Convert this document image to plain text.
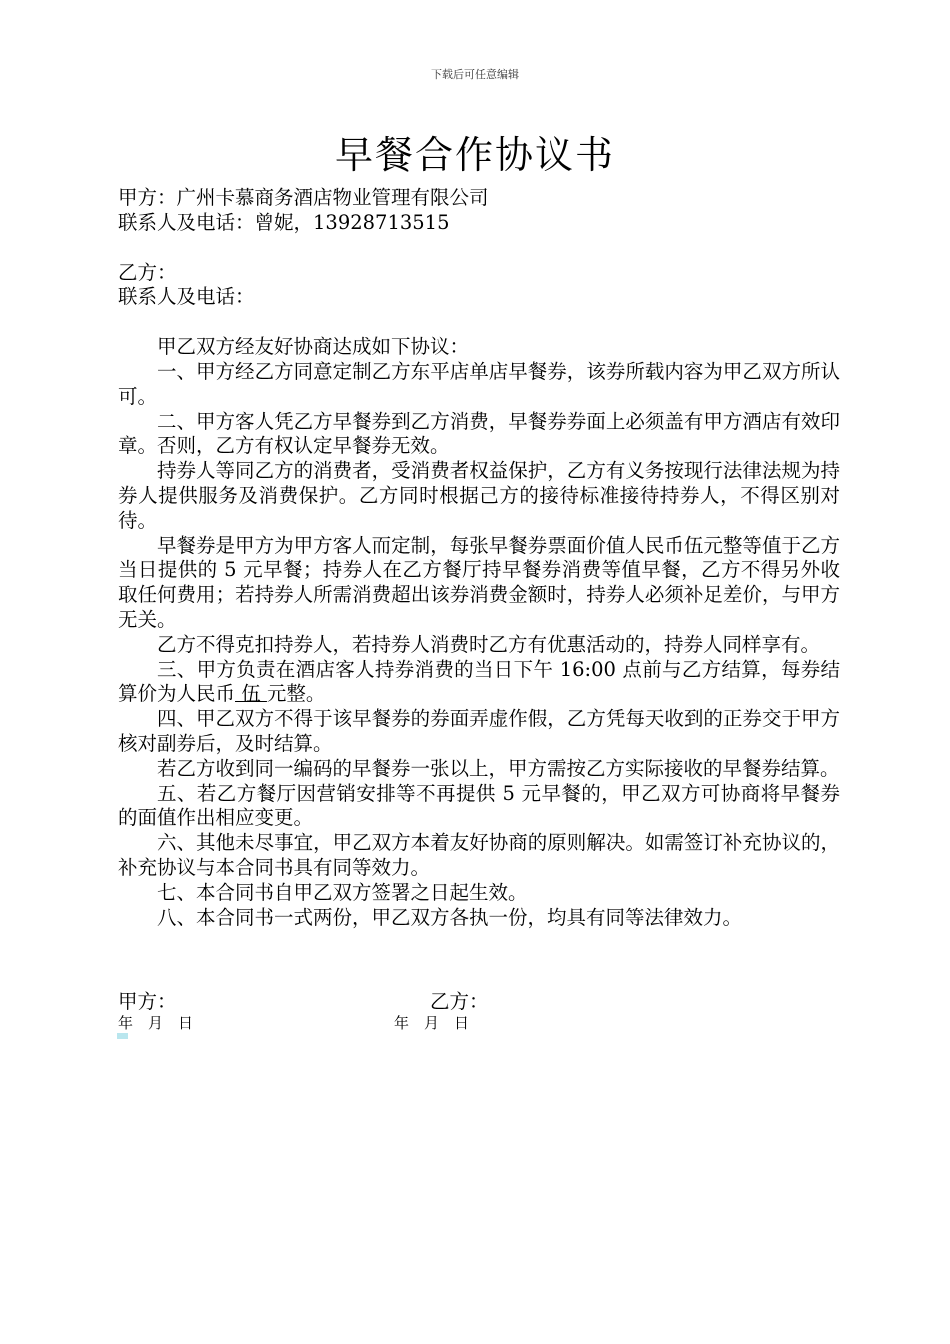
下载后可任意编辑
早餐合作协议书

甲方：广州卡慕商务酒店物业管理有限公司

联系人及电话：曾妮，13928713515

乙方：

联系人及电话：

甲乙双方经友好协商达成如下协议：

一、甲方经乙方同意定制乙方东平店单店早餐券，该券所载内容为甲乙双方所认可。

二、甲方客人凭乙方早餐券到乙方消费，早餐券券面上必须盖有甲方酒店有效印章。否则，乙方有权认定早餐券无效。

持券人等同乙方的消费者，受消费者权益保护，乙方有义务按现行法律法规为持券人提供服务及消费保护。乙方同时根据己方的接待标准接待持券人，不得区别对待。

早餐券是甲方为甲方客人而定制，每张早餐券票面价值人民币伍元整等值于乙方当日提供的 5 元早餐；持券人在乙方餐厅持早餐券消费等值早餐，乙方不得另外收取任何费用；若持券人所需消费超出该券消费金额时，持券人必须补足差价，与甲方无关。

乙方不得克扣持券人，若持券人消费时乙方有优惠活动的，持券人同样享有。

三、甲方负责在酒店客人持券消费的当日下午 16:00 点前与乙方结算，每券结算价为人民币 伍 元整。

四、甲乙双方不得于该早餐券的券面弄虚作假，乙方凭每天收到的正券交于甲方核对副券后，及时结算。

若乙方收到同一编码的早餐券一张以上，甲方需按乙方实际接收的早餐券结算。

五、若乙方餐厅因营销安排等不再提供 5 元早餐的，甲乙双方可协商将早餐券的面值作出相应变更。

六、其他未尽事宜，甲乙双方本着友好协商的原则解决。如需签订补充协议的，补充协议与本合同书具有同等效力。

七、本合同书自甲乙双方签署之日起生效。

八、本合同书一式两份，甲乙双方各执一份，均具有同等法律效力。

甲方：	乙方：
年　月　日	年　月　日
